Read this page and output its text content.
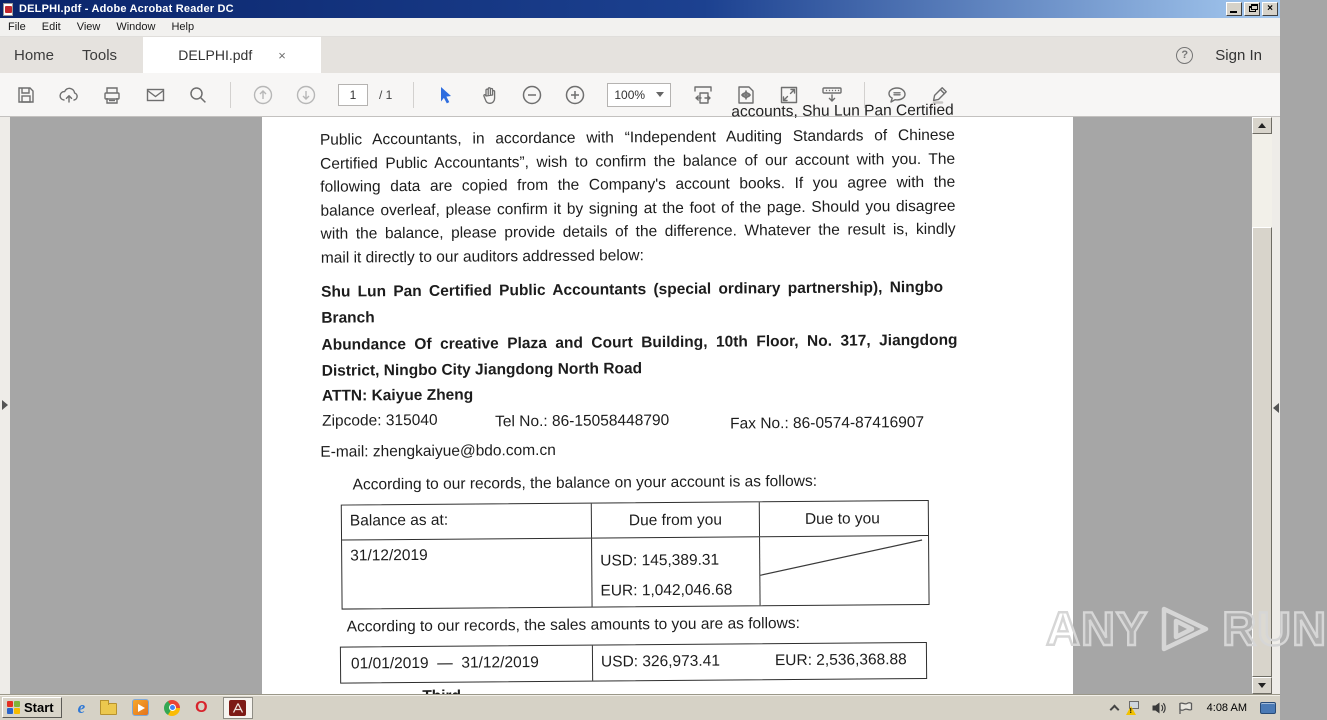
DELPHI.pdf - Adobe Acrobat Reader DC	×
File	Edit	View	Window	Help
Home	Tools	DELPHI.pdf ×	?	Sign In
1
/ 1	100%
accounts, Shu Lun Pan Certified
Public Accountants, in accordance with “Independent Auditing Standards of Chinese
Certified Public Accountants”, wish to confirm the balance of our account with you. The
following data are copied from the Company's account books. If you agree with the
balance overleaf, please confirm it by signing at the foot of the page. Should you disagree
with the balance, please provide details of the difference. Whatever the result is, kindly
mail it directly to our auditors addressed below:
Shu Lun Pan Certified Public Accountants (special ordinary partnership), Ningbo
Branch
Abundance Of creative Plaza and Court Building, 10th Floor, No. 317, Jiangdong
District, Ningbo City Jiangdong North Road
ATTN: Kaiyue Zheng
Zipcode: 315040	Tel No.: 86-15058448790	Fax No.: 86-0574-87416907
E-mail: zhengkaiyue@bdo.com.cn
According to our records, the balance on your account is as follows:
Balance as at:	Due from you	Due to you
31/12/2019	USD: 145,389.31
EUR: 1,042,046.68
According to our records, the sales amounts to you are as follows:
01/01/2019  —  31/12/2019	USD: 326,973.41	EUR: 2,536,368.88
ANY
Start e	O	!	4:08 AM
